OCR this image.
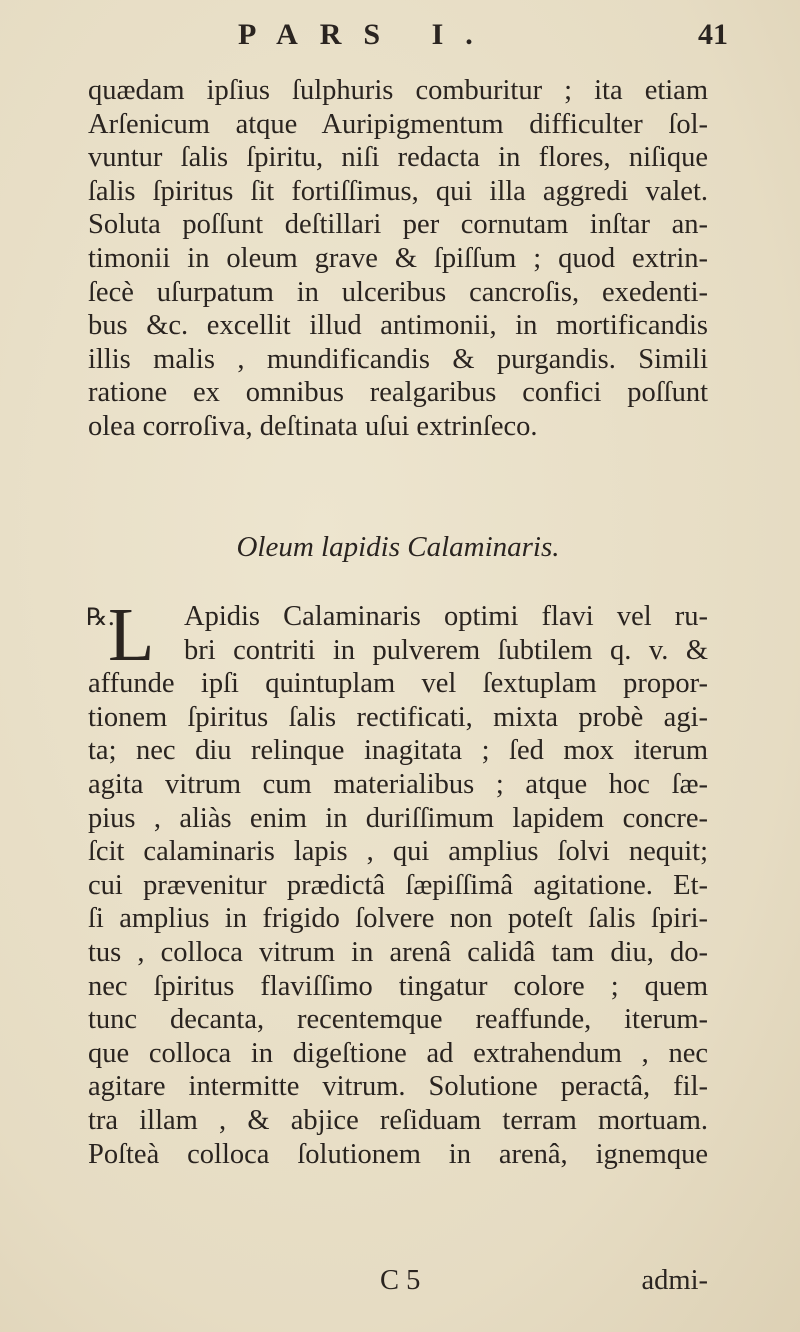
PARS I.	41
quædam ipſius ſulphuris comburitur ; ita etiam
Arſenicum atque Auripigmentum difficulter ſol-
vuntur ſalis ſpiritu, niſi redacta in flores, niſique
ſalis ſpiritus ſit fortiſſimus, qui illa aggredi valet.
Soluta poſſunt deſtillari per cornutam inſtar an-
timonii in oleum grave & ſpiſſum ; quod extrin-
ſecè uſurpatum in ulceribus cancroſis, exedenti-
bus &c. excellit illud antimonii, in mortificandis
illis malis , mundificandis & purgandis. Simili
ratione ex omnibus realgaribus confici poſſunt
olea corroſiva, deſtinata uſui extrinſeco.
Oleum lapidis Calaminaris.
℞.
L	Apidis Calaminaris optimi flavi vel ru-
bri contriti in pulverem ſubtilem q. v. &
affunde ipſi quintuplam vel ſextuplam propor-
tionem ſpiritus ſalis rectificati, mixta probè agi-
ta; nec diu relinque inagitata ; ſed mox iterum
agita vitrum cum materialibus ; atque hoc ſæ-
pius , aliàs enim in duriſſimum lapidem concre-
ſcit calaminaris lapis , qui amplius ſolvi nequit;
cui prævenitur prædictâ ſæpiſſimâ agitatione. Et-
ſi amplius in frigido ſolvere non poteſt ſalis ſpiri-
tus , colloca vitrum in arenâ calidâ tam diu, do-
nec ſpiritus flaviſſimo tingatur colore ; quem
tunc decanta, recentemque reaffunde, iterum-
que colloca in digeſtione ad extrahendum , nec
agitare intermitte vitrum. Solutione peractâ, fil-
tra illam , & abjice reſiduam terram mortuam.
Poſteà colloca ſolutionem in arenâ, ignemque
C 5	admi-
